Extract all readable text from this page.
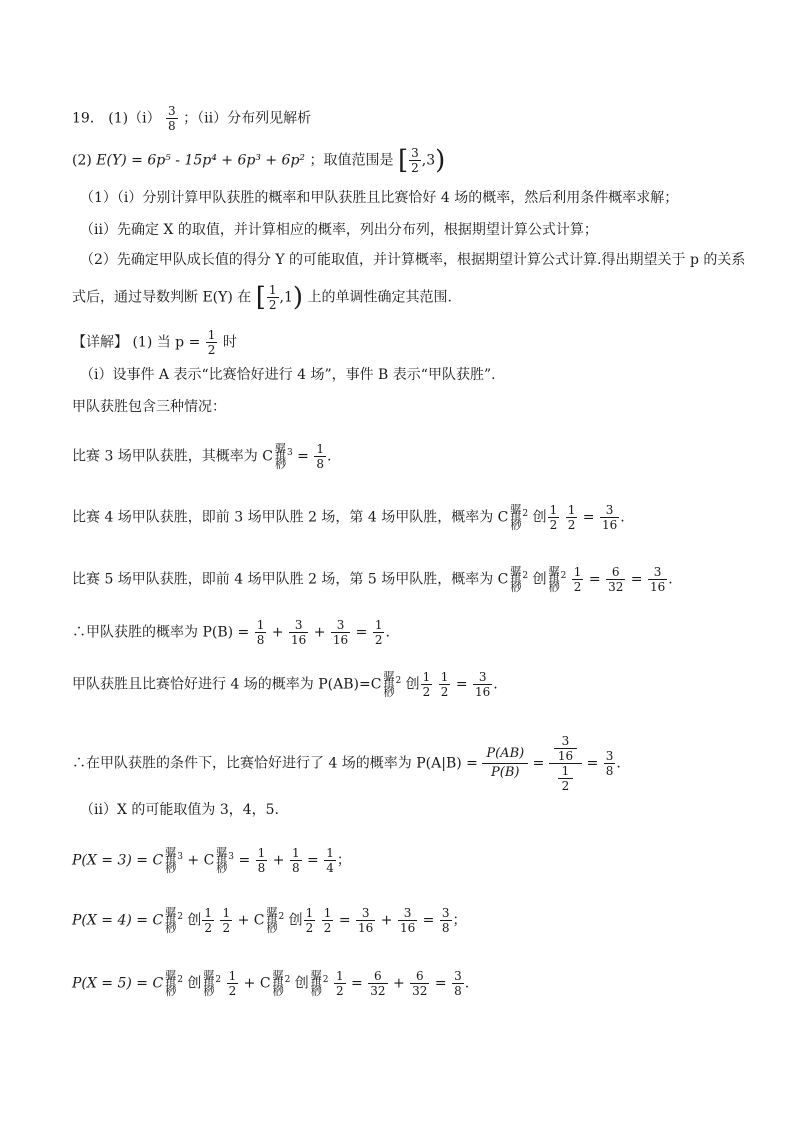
19． $(1)(i) \frac{3}{8}$ ；（ii）分布列见解析
(2) E(Y) = 6p⁵ - 15p⁴ + 6p³ + 6p² ；取值范围是 [ $\frac{3}{2} ,3$)
（1）（i）分别计算甲队获胜的概率和甲队获胜且比赛恰好 4 场的概率，然后利用条件概率求解；
（ii）先确定 X 的取值，并计算相应的概率，列出分布列，根据期望计算公式计算；
（2）先确定甲队成长值的得分 Y 的可能取值，并计算概率，根据期望计算公式计算.得出期望关于 p 的关系
式后，通过导数判断 E(Y) 在 [ $\frac{1}{2} ,1$) 上的单调性确定其范围.
【详解】 (1) 当 $p = \frac{1}{2}$ 时
（i）设事件 A 表示“比赛恰好进行 4 场”，事件 B 表示“甲队获胜”.
甲队获胜包含三种情况：
比赛 3 场甲队获胜，其概率为 C骣
琪
桫$^3 = \frac{1}{8}$ .
比赛 4 场甲队获胜，即前 3 场甲队胜 2 场，第 4 场甲队胜，概率为 C骣
琪
桫$^2$ 创 $\frac{1}{2}$
$\frac{1}{2} = \frac{3}{16}$ .
比赛 5 场甲队获胜，即前 4 场甲队胜 2 场，第 5 场甲队胜，概率为 C骣
琪
桫$^2$ 创骣
琪
桫$^2 \frac{1}{2} = \frac{6}{32} = \frac{3}{16}$ .
∴甲队获胜的概率为 $P(B) = \frac{1}{8} + \frac{3}{16} + \frac{3}{16} = \frac{1}{2}$ .
甲队获胜且比赛恰好进行 4 场的概率为 P(AB)=C骣
琪
桫$^2$ 创 $\frac{1}{2}$
$\frac{1}{2} = \frac{3}{16}$ .
∴在甲队获胜的条件下，比赛恰好进行了 4 场的概率为 $P(A|B) = \frac{P(AB)}{P(B)} = \frac{\frac{3}{16}}{\frac{1}{2}} = \frac{3}{8}$ .
（ii）X 的可能取值为 3，4，5.
P(X = 3) = C骣
琪
桫$^3$ + C骣
琪
桫$^3 = \frac{1}{8} + \frac{1}{8} = \frac{1}{4}$ ；
P(X = 4) = C骣
琪
桫$^2$ 创 $\frac{1}{2}$
$\frac{1}{2} + C$骣
琪
桫$^2$ 创 $\frac{1}{2}$
$\frac{1}{2} = \frac{3}{16} + \frac{3}{16} = \frac{3}{8}$ ；
P(X = 5) = C骣
琪
桫$^2$ 创骣
琪
桫$^2 \frac{1}{2} + C$骣
琪
桫$^2$ 创骣
琪
桫$^2 \frac{1}{2} = \frac{6}{32} + \frac{6}{32} = \frac{3}{8}$ .
